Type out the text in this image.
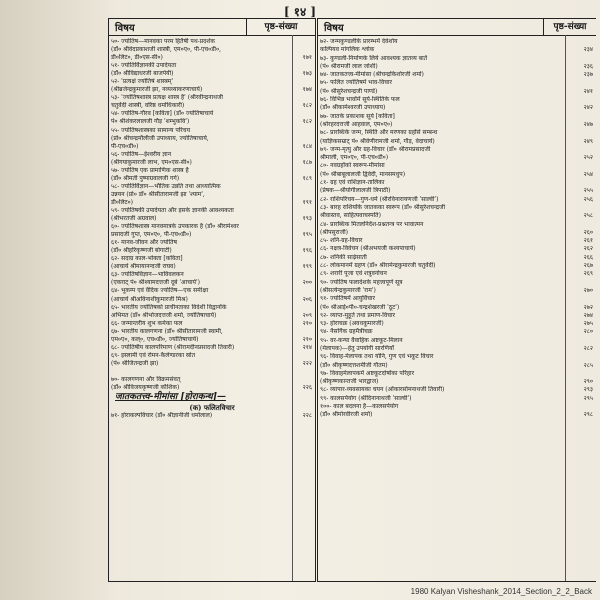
[ १४ ]
विषय	पृष्ठ-संख्या
५०- ज्योतिष—मानवका परम हितैषी पथ-प्रदर्शक
(डॉ० श्रीवेदप्रकाशजी शास्त्री, एम०ए०, पी-एच०डी०,
डी०लिट०, डी०एस-सी०)	१७१
५१- ज्योतिर्विज्ञानकी उपादेयता
(डॉ० श्रीविद्याधरजी बाजपेयी)	१७३
५२- 'प्रत्यक्षं ज्योतिषं शास्त्रम्'
(श्रीब्रजेन्द्रकुमारजी झा, नव्यव्याकरणाचार्य)	१७४
५३- 'ज्योतिषशास्त्र प्रत्यक्ष शास्त्र है' (श्रीरवीन्द्रनाथजी
चतुर्वेदी शास्त्री, वरिष्ठ धर्माधिकारी)	१८२
५४- ज्योतिष-गौरव [कविता] (डॉ० ज्योतिषाचार्य
पं० श्रीशंकरलालजी गौड़ 'शम्भुकवि')	१८२
५५- ज्योतिषशास्त्रका सामान्य परिचय
(प्रो० श्रीचन्द्रमौलीजी उपाध्याय, ज्योतिषाचार्य,
पी-एच०डी०)	१८४
५६- ज्योतिष—ईश्वरीय ज्ञान
(श्रीगयाकुमारजी लाभ, एम०एस-सी०)	१८७
५७- ज्योतिष एक प्रामाणिक शास्त्र है
(डॉ० श्रीमती पुष्पाग्रवालजी गर्ग)	१८९
५८- ज्योतिर्विज्ञान—भौतिक उन्नति तथा आध्यात्मिक
उन्नयन (प्रो० डॉ० श्रीसीतारामजी झा 'श्याम',
डी०लिट०)	१९१
५९- ज्योतिषकी उपादेयता और इसके ज्ञानकी आवश्यकता
(श्रीभरतजी अग्रवाल)	१९३
६०- ज्योतिषशास्त्र मानवमात्रके उपकारक है (डॉ० श्रीरामेश्वर
प्रसादजी गुप्त, एम०ए०, पी-एच०डी०)	१९५
६१- मानव-जीवन और ज्योतिष
(डॉ० श्रीहरिकृष्णजी बोगाटी)	१९६
६२- सदाग्र काल-भोक्ता [कविता]
(आचार्य श्रीमायानन्दजी राघव)	१९९
६३- ज्योतिषविज्ञान—भाविवलकन
(एकराट् पं० श्रीश्यामदत्तजी दूबे 'आचार्य')	२००
६४- भूकम्प एवं वैदिक ज्योतिष—एक समीक्षा
(आचार्य श्रीअविनाशीकुमारजी मिश्र)	२०६
६५- भारतीय ज्योतिषको प्राचीनताका विदेशी विद्वानोंके
अभिमत (डॉ० श्रीभोजदत्तजी शर्मा, ज्योतिषाचार्य)	२०९
६६- जन्मान्तरीय शुभ कर्मका फल	२१०
६७- भारतीय कालगणना (डॉ० श्रीसीतारामजी स्वामी,
एम०ए०, कल्०, एच०डी०, ज्योतिषाचार्य)	२१०
६८- ज्योतिषीय कालपरिमाण (श्रीरामदीनप्रसादजी तिवारी)	२१४
६९- इस्लामी एवं रोमन-कैलेण्डरका स्रोत
(पं० श्रीजितन्द्रजी झा)	२२२

७०- कालगणना और विक्रमसंवत्
(डॉ० श्रीविजयकृष्णजी कौशिक)	२२६
जातकतत्त्व-मीमांसा [होराकन्ध]—
(क) फलितविचार
७१- होराकल्पविचार (डॉ० श्रीज्ञानीजी धर्मालाल)	२२८
विषय	पृष्ठ-संख्या
७२- जन्मकुण्डलीके प्रारम्भमें देवेशोय
कल्पियव मांगलिक श्लोक	२३४
७३- कुण्डली-निर्माणके लिये आवश्यक ज्ञातव्य बातें
(पं० श्रीरामजी लाल जोशी)	२३६
७४- जातकतत्त्व-मीमांसा (श्रीचन्द्रकिशोरजी शर्मा)	२३७
७५- फलित ज्योतिषमें भाव-विचार
(पं० श्रीसुरेशचन्द्रजी पाण्डे)	२४१
७६- विभिन्न भावोंमें सूर्य-स्थितिके फल
(डॉ० श्रीकामेश्वरजी उपाध्याय)	२४२
७७- जातके प्रकाशक सूर्य [कविता]
(श्रोरहरदत्तजी आहवाल, एम०ए०)	२४७
७८- प्रारब्धिके जन्म, स्थिति और मरणका ग्रहोंसे सम्बन्ध
(याज्ञिकसम्राट् पं० श्रीवेणीरामजी शर्मा, गौड़, वेदाचार्य)	२४९
७९- जन्म-मृत्यु और ग्रह-विचार (डॉ० श्रीरामप्रसादजी
श्रीमाली, एम०ए०, पी-एच०डी०)	२५२
८०- नवग्रहोंको स्वरूप-मीमांसा
(पं० श्रीबाबूलालजी द्विवेदी, मानसमधुप)	२५४
८१- ग्रह एवं राशिज्ञान-तालिका
(प्रेषक—श्रीयोगीलालजी त्रिपाठी)	२५५
८२- राशिपरिचय—गुण-धर्म (श्रीरविनारायणजी 'साल्वी')	२५६
८३- बारह राशियोंके जातकका स्वरूप (डॉ० श्रीसुरेशचन्द्रजी
श्रीवास्तव, साहित्यवाचस्पति)	२५८
८४- प्रारब्धिक मितलनिर्देश-प्रश्नतन्त्र पर भावात्मन
(श्रीपसुराजी)	२६०
८५- शनि-ग्रह-विचार	२६१
८६- नक्षत्र-विवेचन (श्रीअभयजी कश्यपाचार्य)	२६२
८७- शनिकी साढ़ेसाती	२६६
८८- लोकमानमें ग्रहण (डॉ० श्रीरामेन्द्रकुमारजी चतुर्वेदी)	२६७
८९- शरारी पूजा एवं शत्रुवनोचन	२६९
९०- ज्योतिष फलादेशके महत्त्वपूर्ण सूत्र
(श्रीसत्येन्द्रकुमारजी 'राम')	२७०
९१- ज्योतिषमें आयुर्विचार
(पं० श्रीआई०पी०-चन्द्रशेखरजी 'ठूट')	२७२
९२- व्याप्त-मुहूर्त तथा प्रमाण-विचार	२७४
९३- होराचक्र (अवधकुमारजी)	२७५
९४- नैसर्गिक ग्रहमैत्रीचक्र	२८०
९५- वर-कन्या वैवाहिक अष्टकूट-मिलान
(मेलापक)—हेतु उपयोगी सारणियाँ	२८२
९६- विवाह-मेलापक तथा योनि, गुण एवं भकूट विचार
(डॉ० श्रीकृष्णदत्तशर्मीजी गौतम)	२८५
९७- विवाहमेलापकमें अष्टकूटदोषोंका परिहार
(श्रीकृष्णकान्तजी भारद्वाज)	२९०
९८- व्यापार-व्यवसायका चयन (ओंकारसोमनाथजी तिवारी)	२९३
९९- कालसर्पयोग (श्रीदिनानाथजी 'साल्वी')	२९५
१००- काल बदलना है—कालसर्पयोग
(डॉ० श्रीमोरवीरजी शर्मा)	२९८
1980 Kalyan Visheshank_2014_Section_2_2_Back
